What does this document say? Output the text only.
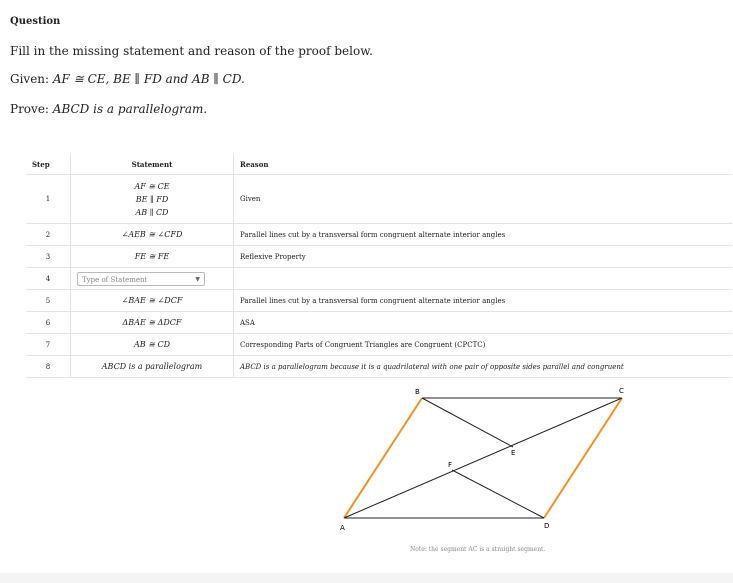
Question
Fill in the missing statement and reason of the proof below.
Given: AF ≅ CE, BE ∥ FD and AB ∥ CD.
Prove: ABCD is a parallelogram.
Step	Statement	Reason
1	AF ≅ CE
BE ∥ FD
AB ∥ CD	Given
2	∠AEB ≅ ∠CFD	Parallel lines cut by a transversal form congruent alternate interior angles
3	FE ≅ FE	Reflexive Property
4	Type of Statement ▼	

5	∠BAE ≅ ∠DCF	Parallel lines cut by a transversal form congruent alternate interior angles
6	ΔBAE ≅ ΔDCF	ASA
7	AB ≅ CD	Corresponding Parts of Congruent Triangles are Congruent (CPCTC)
8	ABCD is a parallelogram	ABCD is a parallelogram because it is a quadrilateral with one pair of opposite sides parallel and congruent
A
B	C
D
E
F
Note: the segment AC is a straight segment.
